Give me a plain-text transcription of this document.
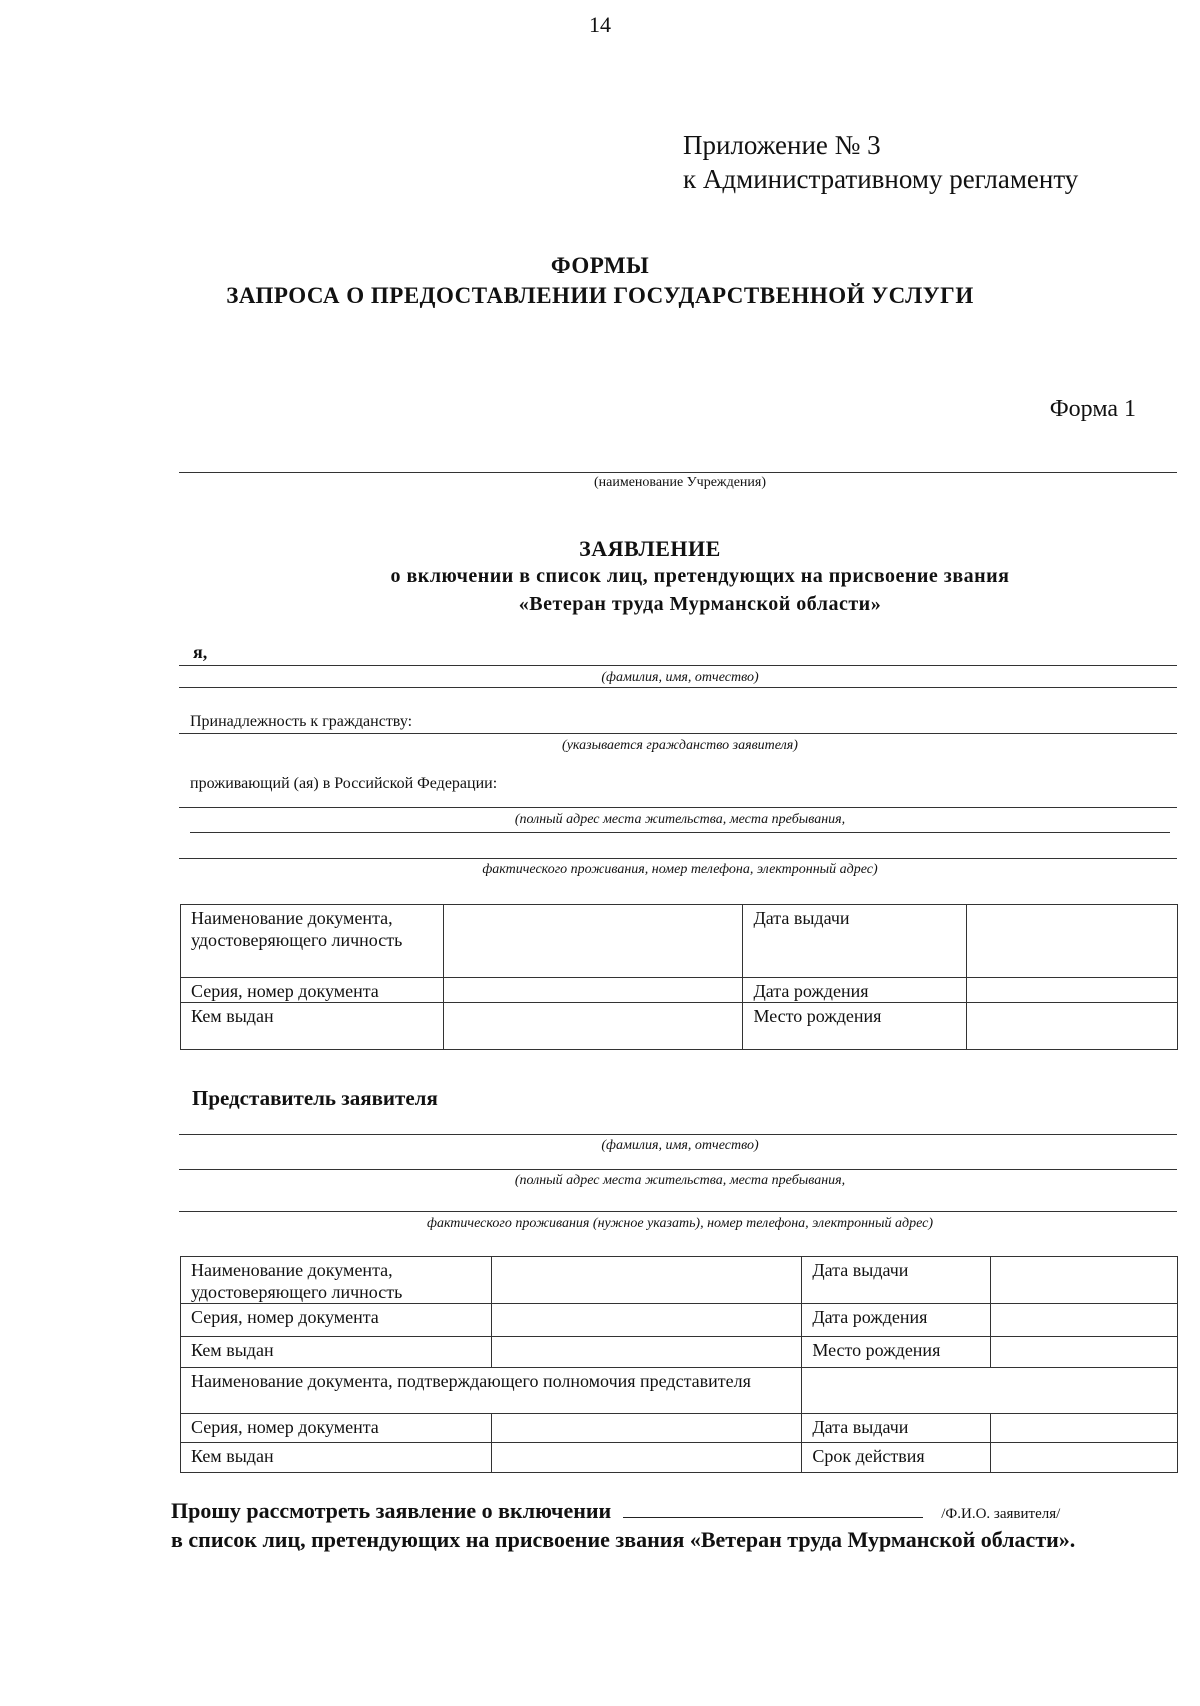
14
Приложение № 3
к Административному регламенту
ФОРМЫ
ЗАПРОСА О ПРЕДОСТАВЛЕНИИ ГОСУДАРСТВЕННОЙ УСЛУГИ
Форма 1
(наименование Учреждения)
ЗАЯВЛЕНИЕ
о включении в список лиц, претендующих на присвоение звания
«Ветеран труда Мурманской области»
я,
(фамилия, имя, отчество)
Принадлежность к гражданству:
(указывается гражданство заявителя)
проживающий (ая) в Российской Федерации:
(полный адрес места жительства, места пребывания,
фактического проживания, номер телефона, электронный адрес)
Наименование документа, удостоверяющего личность		Дата выдачи	
Серия, номер документа		Дата рождения	
Кем выдан		Место рождения	
Представитель заявителя
(фамилия, имя, отчество)
(полный адрес места жительства, места пребывания,
фактического проживания (нужное указать), номер телефона, электронный адрес)
Наименование документа, удостоверяющего личность		Дата выдачи	
Серия, номер документа		Дата рождения	
Кем выдан		Место рождения	
Наименование документа, подтверждающего полномочия представителя			
Серия, номер документа		Дата выдачи	
Кем выдан		Срок действия	
Прошу рассмотреть заявление о включении	/Ф.И.О. заявителя/
в список лиц, претендующих на присвоение звания «Ветеран труда Мурманской области».
